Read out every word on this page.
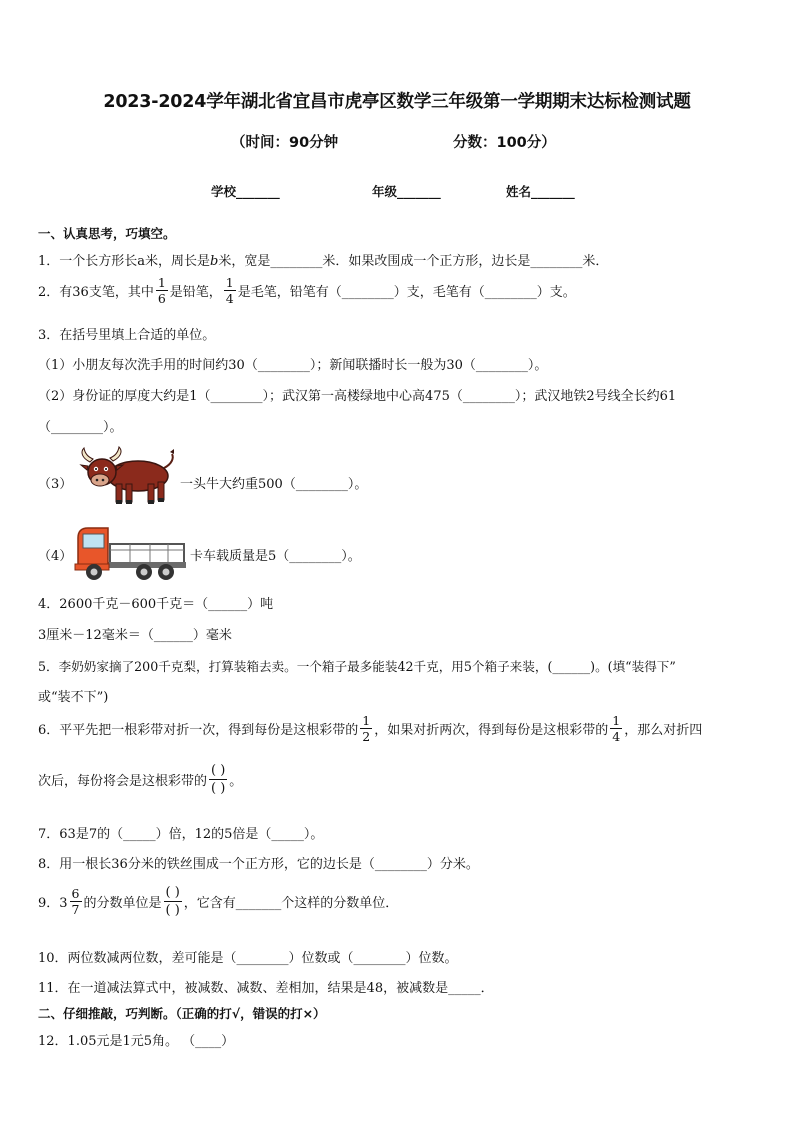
2023-2024学年湖北省宜昌市虎亭区数学三年级第一学期期末达标检测试题
（时间：90分钟	分数：100分）
学校_______	年级_______	姓名_______
一、认真思考，巧填空。
1．一个长方形长a米，周长是b米，宽是________米．如果改围成一个正方形，边长是________米．
2．有36支笔，其中 $\frac{1}{6}$ 是铅笔， $\frac{1}{4}$ 是毛笔，铅笔有（________）支，毛笔有（________）支。
3．在括号里填上合适的单位。
（1）小朋友每次洗手用的时间约30（________）；新闻联播时长一般为30（________）。
（2）身份证的厚度大约是1（________）；武汉第一高楼绿地中心高475（________）；武汉地铁2号线全长约61
（________）。
（3）	一头牛大约重500（________）。
（4）	卡车载质量是5（________）。
4．2600千克－600千克＝（______）吨
3厘米－12毫米＝（______）毫米
5．李奶奶家摘了200千克梨，打算装箱去卖。一个箱子最多能装42千克，用5个箱子来装，(______)。(填“装得下”
或“装不下”)
6．平平先把一根彩带对折一次，得到每份是这根彩带的 $\frac{1}{2}$ ，如果对折两次，得到每份是这根彩带的 $\frac{1}{4}$ ，那么对折四
次后，每份将会是这根彩带的 $\frac{( )}{( )}$ 。
7．63是7的（_____）倍，12的5倍是（_____）。
8．用一根长36分米的铁丝围成一个正方形，它的边长是（________）分米。
9．$3 \frac{6}{7}$ 的分数单位是 $\frac{( )}{( )}$ ，它含有_______个这样的分数单位．
10．两位数减两位数，差可能是（________）位数或（________）位数。
11．在一道减法算式中，被减数、减数、差相加，结果是48，被减数是_____．
二、仔细推敲，巧判断。（正确的打√，错误的打×）
12．1.05元是1元5角。 （____）
